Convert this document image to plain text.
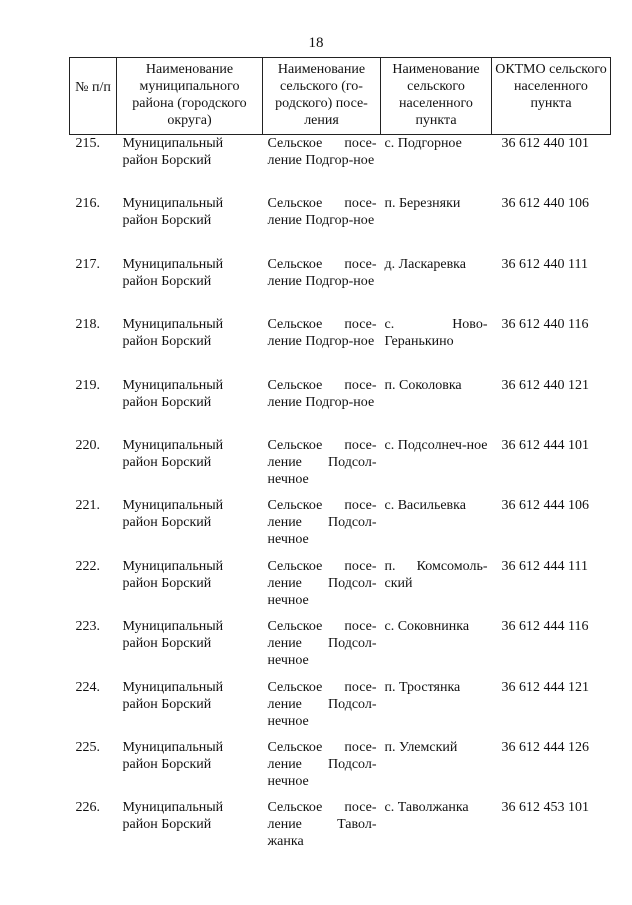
18
№ п/п	Наименование муниципального района (городского округа)	Наименование сельского (го-родского) посе-ления	Наименование сельского населенного пункта	ОКТМО сельского населенного пункта
215.	Муниципальный район Борский	Сельское посе-ление Подгор-ное	с. Подгорное	36 612 440 101
216.	Муниципальный район Борский	Сельское посе-ление Подгор-ное	п. Березняки	36 612 440 106
217.	Муниципальный район Борский	Сельское посе-ление Подгор-ное	д. Ласкаревка	36 612 440 111
218.	Муниципальный район Борский	Сельское посе-ление Подгор-ное	с. Ново-Геранькино	36 612 440 116
219.	Муниципальный район Борский	Сельское посе-ление Подгор-ное	п. Соколовка	36 612 440 121
220.	Муниципальный район Борский	Сельское посе-ление Подсол-нечное	с. Подсолнеч-ное	36 612 444 101
221.	Муниципальный район Борский	Сельское посе-ление Подсол-нечное	с. Васильевка	36 612 444 106
222.	Муниципальный район Борский	Сельское посе-ление Подсол-нечное	п. Комсомоль-ский	36 612 444 111
223.	Муниципальный район Борский	Сельское посе-ление Подсол-нечное	с. Соковнинка	36 612 444 116
224.	Муниципальный район Борский	Сельское посе-ление Подсол-нечное	п. Тростянка	36 612 444 121
225.	Муниципальный район Борский	Сельское посе-ление Подсол-нечное	п. Улемский	36 612 444 126
226.	Муниципальный район Борский	Сельское посе-ление Тавол-жанка	с. Таволжанка	36 612 453 101
